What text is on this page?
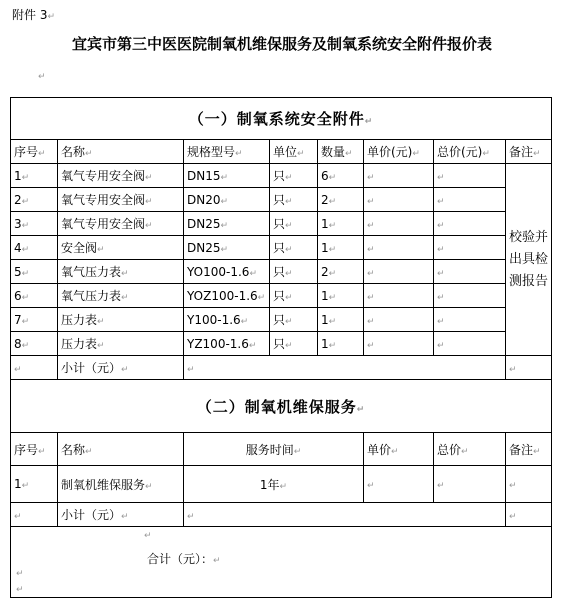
附件 3↵
宜宾市第三中医医院制氧机维保服务及制氧系统安全附件报价表
↵
（一）制氧系统安全附件↵							
序号↵	名称↵	规格型号↵	单位↵	数量↵	单价(元)↵	总价(元)↵	备注↵
1↵	氧气专用安全阀↵	DN15↵	只↵	6↵	↵	↵	校验并出具检测报告
2↵	氧气专用安全阀↵	DN20↵	只↵	2↵	↵	↵	
3↵	氧气专用安全阀↵	DN25↵	只↵	1↵	↵	↵	
4↵	安全阀↵	DN25↵	只↵	1↵	↵	↵	
5↵	氧气压力表↵	YO100-1.6↵	只↵	2↵	↵	↵	
6↵	氧气压力表↵	YOZ100-1.6↵	只↵	1↵	↵	↵	
7↵	压力表↵	Y100-1.6↵	只↵	1↵	↵	↵	
8↵	压力表↵	YZ100-1.6↵	只↵	1↵	↵	↵	
↵	小计（元）↵	↵					↵
（二）制氧机维保服务↵							
序号↵	名称↵	服务时间↵			单价↵	总价↵	备注↵
1↵	制氧机维保服务↵	1年↵			↵	↵	↵
↵	小计（元）↵	↵					↵

↵
合计（元）：↵
↵
↵							
